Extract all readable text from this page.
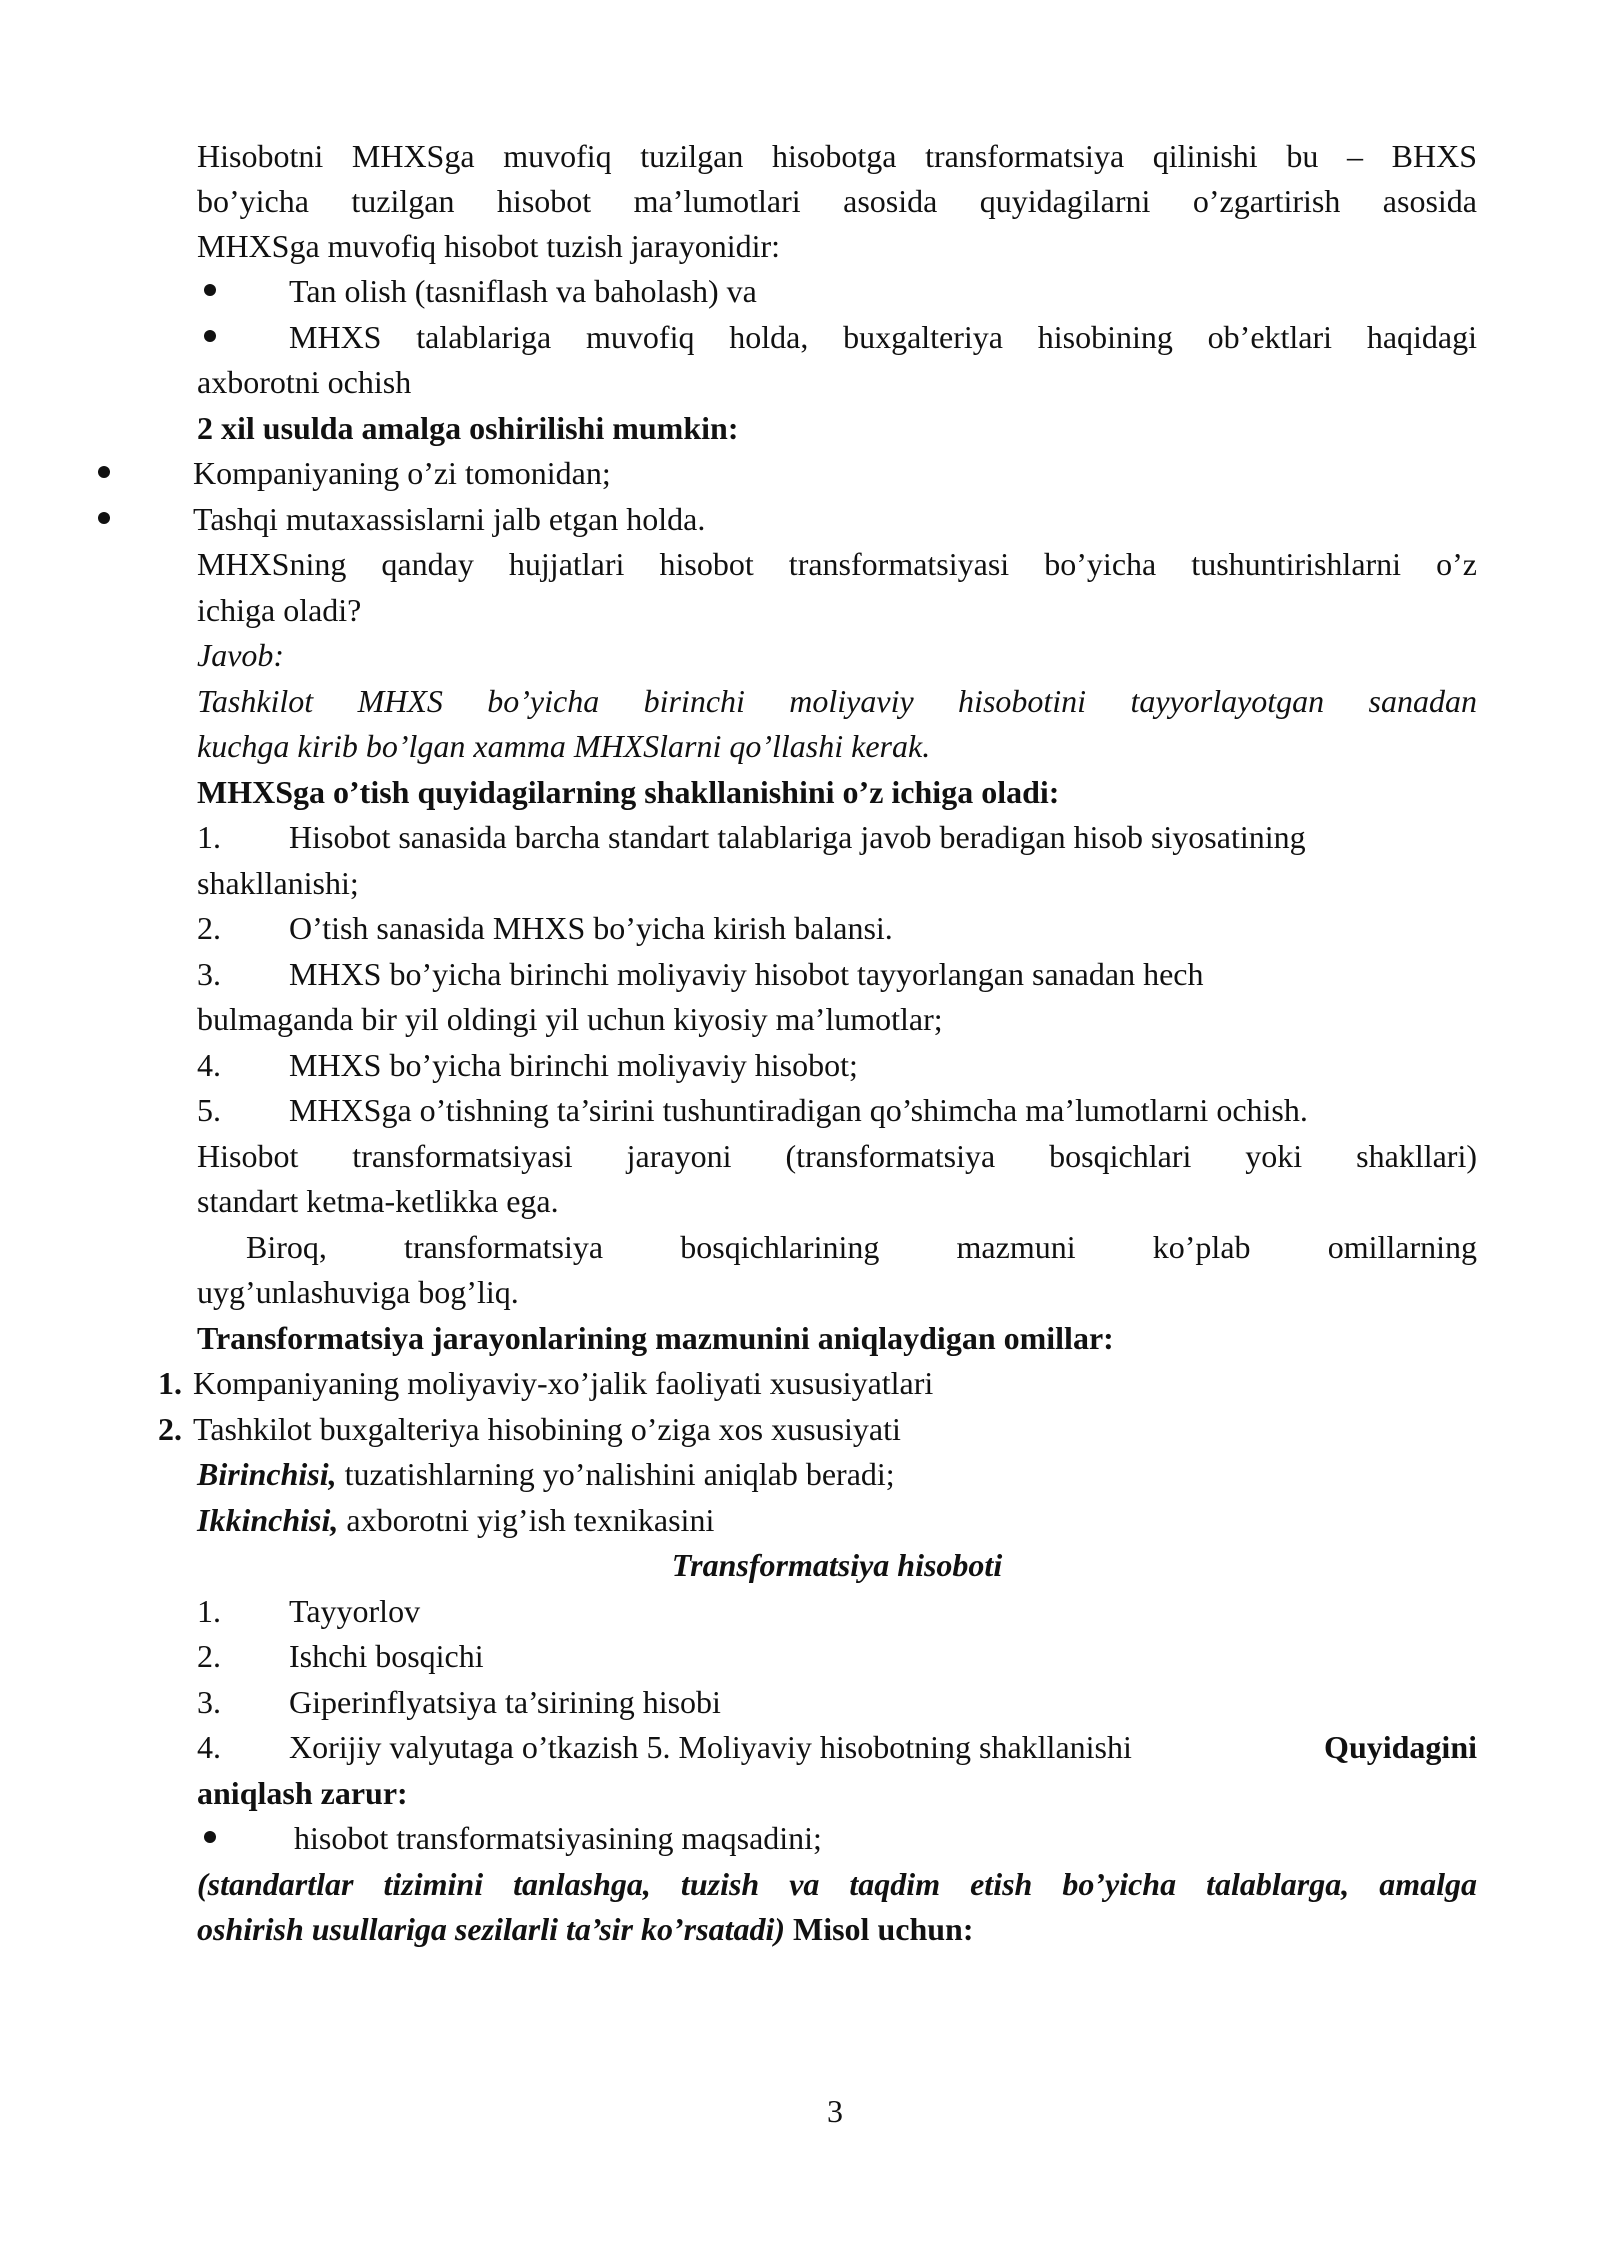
Hisobotni MHXSga muvofiq tuzilgan hisobotga transformatsiya qilinishi bu – BHXS
bo’yicha tuzilgan hisobot ma’lumotlari asosida quyidagilarni o’zgartirish asosida
MHXSga muvofiq hisobot tuzish jarayonidir:
Tan olish (tasniflash va baholash) va
MHXS talablariga muvofiq holda, buxgalteriya hisobining ob’ektlari haqidagi
axborotni ochish
2 xil usulda amalga oshirilishi mumkin:
Kompaniyaning o’zi tomonidan;
Tashqi mutaxassislarni jalb etgan holda.
MHXSning qanday hujjatlari hisobot transformatsiyasi bo’yicha tushuntirishlarni o’z
ichiga oladi?
Javob:
Tashkilot MHXS bo’yicha birinchi moliyaviy hisobotini tayyorlayotgan sanadan
kuchga kirib bo’lgan xamma MHXSlarni qo’llashi kerak.
MHXSga o’tish quyidagilarning shakllanishini o’z ichiga oladi:
1. Hisobot sanasida barcha standart talablariga javob beradigan hisob siyosatining
shakllanishi;
2. O’tish sanasida MHXS bo’yicha kirish balansi.
3. MHXS bo’yicha birinchi moliyaviy hisobot tayyorlangan sanadan hech
bulmaganda bir yil oldingi yil uchun kiyosiy ma’lumotlar;
4. MHXS bo’yicha birinchi moliyaviy hisobot;
5. MHXSga o’tishning ta’sirini tushuntiradigan qo’shimcha ma’lumotlarni ochish.
Hisobot transformatsiyasi jarayoni (transformatsiya bosqichlari yoki shakllari)
standart ketma-ketlikka ega.
Biroq, transformatsiya bosqichlarining mazmuni ko’plab omillarning
uyg’unlashuviga bog’liq.
Transformatsiya jarayonlarining mazmunini aniqlaydigan omillar:
1. Kompaniyaning moliyaviy-xo’jalik faoliyati xususiyatlari
2. Tashkilot buxgalteriya hisobining o’ziga xos xususiyati
Birinchisi, tuzatishlarning yo’nalishini aniqlab beradi;
Ikkinchisi, axborotni yig’ish texnikasini
Transformatsiya hisoboti
1. Tayyorlov
2. Ishchi bosqichi
3. Giperinflyatsiya ta’sirining hisobi
4. Xorijiy valyutaga o’tkazish 5. Moliyaviy hisobotning shakllanishi	Quyidagini
aniqlash zarur:
hisobot transformatsiyasining maqsadini;
(standartlar tizimini tanlashga, tuzish va taqdim etish bo’yicha talablarga, amalga
oshirish usullariga sezilarli ta’sir ko’rsatadi) Misol uchun:
3
